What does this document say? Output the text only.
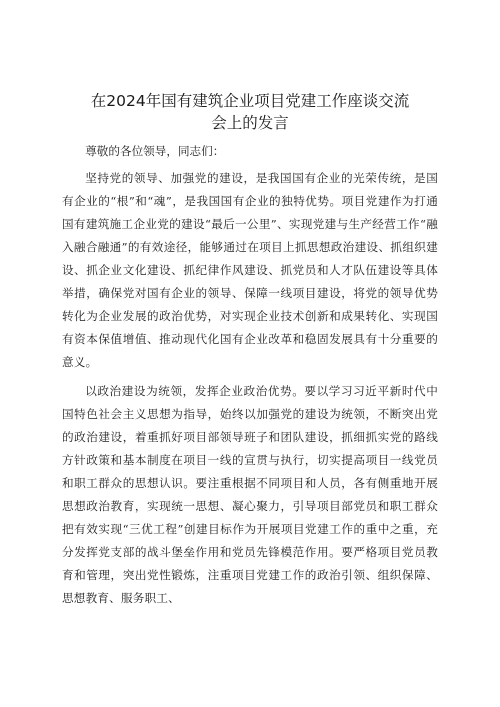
在2024年国有建筑企业项目党建工作座谈交流
会上的发言

尊敬的各位领导，同志们：

坚持党的领导、加强党的建设，是我国国有企业的光荣传统，是国有企业的“根”和“魂”，是我国国有企业的独特优势。项目党建作为打通国有建筑施工企业党的建设“最后一公里”、实现党建与生产经营工作“融入融合融通”的有效途径，能够通过在项目上抓思想政治建设、抓组织建设、抓企业文化建设、抓纪律作风建设、抓党员和人才队伍建设等具体举措，确保党对国有企业的领导、保障一线项目建设，将党的领导优势转化为企业发展的政治优势，对实现企业技术创新和成果转化、实现国有资本保值增值、推动现代化国有企业改革和稳固发展具有十分重要的意义。

以政治建设为统领，发挥企业政治优势。要以学习习近平新时代中国特色社会主义思想为指导，始终以加强党的建设为统领，不断突出党的政治建设，着重抓好项目部领导班子和团队建设，抓细抓实党的路线方针政策和基本制度在项目一线的宣贯与执行，切实提高项目一线党员和职工群众的思想认识。要注重根据不同项目和人员，各有侧重地开展思想政治教育，实现统一思想、凝心聚力，引导项目部党员和职工群众把有效实现“三优工程”创建目标作为开展项目党建工作的重中之重，充分发挥党支部的战斗堡垒作用和党员先锋模范作用。要严格项目党员教育和管理，突出党性锻炼，注重项目党建工作的政治引领、组织保障、思想教育、服务职工、
